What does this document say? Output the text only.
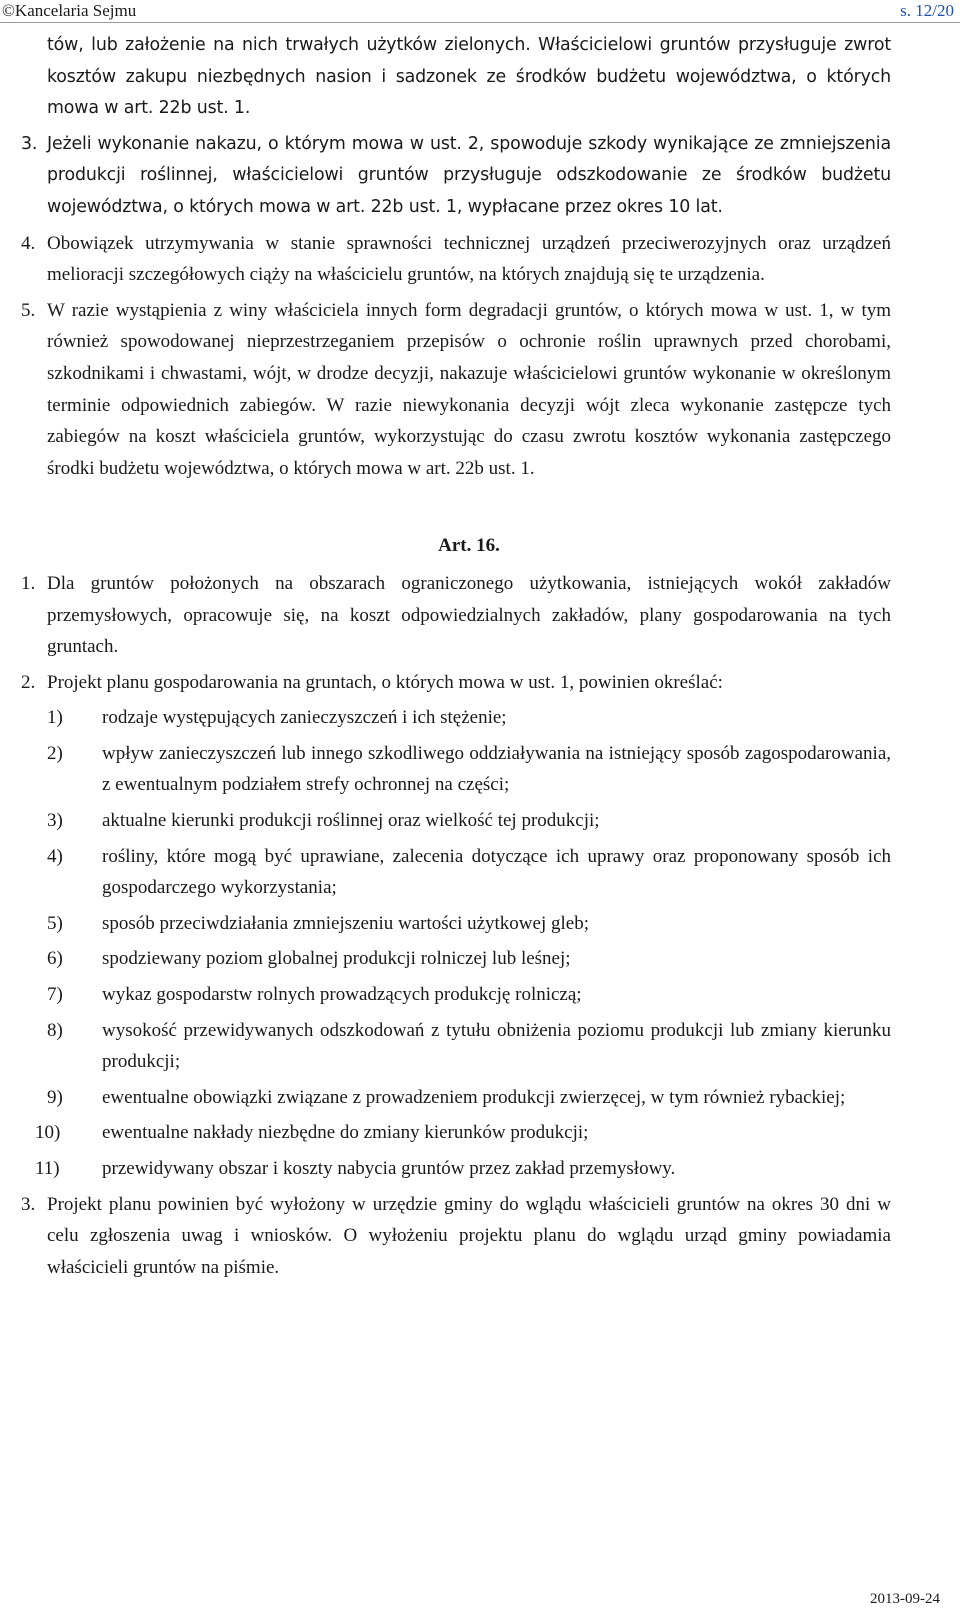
©Kancelaria Sejmu	s. 12/20
tów, lub założenie na nich trwałych użytków zielonych. Właścicielowi gruntów przysługuje zwrot kosztów zakupu niezbędnych nasion i sadzonek ze środków budżetu województwa, o których mowa w art. 22b ust. 1.
3. Jeżeli wykonanie nakazu, o którym mowa w ust. 2, spowoduje szkody wynikające ze zmniejszenia produkcji roślinnej, właścicielowi gruntów przysługuje odszkodowanie ze środków budżetu województwa, o których mowa w art. 22b ust. 1, wypłacane przez okres 10 lat.
4. Obowiązek utrzymywania w stanie sprawności technicznej urządzeń przeciwerozyjnych oraz urządzeń melioracji szczegółowych ciąży na właścicielu gruntów, na których znajdują się te urządzenia.
5. W razie wystąpienia z winy właściciela innych form degradacji gruntów, o których mowa w ust. 1, w tym również spowodowanej nieprzestrzeganiem przepisów o ochronie roślin uprawnych przed chorobami, szkodnikami i chwastami, wójt, w drodze decyzji, nakazuje właścicielowi gruntów wykonanie w określonym terminie odpowiednich zabiegów. W razie niewykonania decyzji wójt zleca wykonanie zastępcze tych zabiegów na koszt właściciela gruntów, wykorzystując do czasu zwrotu kosztów wykonania zastępczego środki budżetu województwa, o których mowa w art. 22b ust. 1.
Art. 16.
1. Dla gruntów położonych na obszarach ograniczonego użytkowania, istniejących wokół zakładów przemysłowych, opracowuje się, na koszt odpowiedzialnych zakładów, plany gospodarowania na tych gruntach.
2. Projekt planu gospodarowania na gruntach, o których mowa w ust. 1, powinien określać:
1) rodzaje występujących zanieczyszczeń i ich stężenie;
2) wpływ zanieczyszczeń lub innego szkodliwego oddziaływania na istniejący sposób zagospodarowania, z ewentualnym podziałem strefy ochronnej na części;
3) aktualne kierunki produkcji roślinnej oraz wielkość tej produkcji;
4) rośliny, które mogą być uprawiane, zalecenia dotyczące ich uprawy oraz proponowany sposób ich gospodarczego wykorzystania;
5) sposób przeciwdziałania zmniejszeniu wartości użytkowej gleb;
6) spodziewany poziom globalnej produkcji rolniczej lub leśnej;
7) wykaz gospodarstw rolnych prowadzących produkcję rolniczą;
8) wysokość przewidywanych odszkodowań z tytułu obniżenia poziomu produkcji lub zmiany kierunku produkcji;
9) ewentualne obowiązki związane z prowadzeniem produkcji zwierzęcej, w tym również rybackiej;
10) ewentualne nakłady niezbędne do zmiany kierunków produkcji;
11) przewidywany obszar i koszty nabycia gruntów przez zakład przemysłowy.
3. Projekt planu powinien być wyłożony w urzędzie gminy do wglądu właścicieli gruntów na okres 30 dni w celu zgłoszenia uwag i wniosków. O wyłożeniu projektu planu do wglądu urząd gminy powiadamia właścicieli gruntów na piśmie.
2013-09-24
